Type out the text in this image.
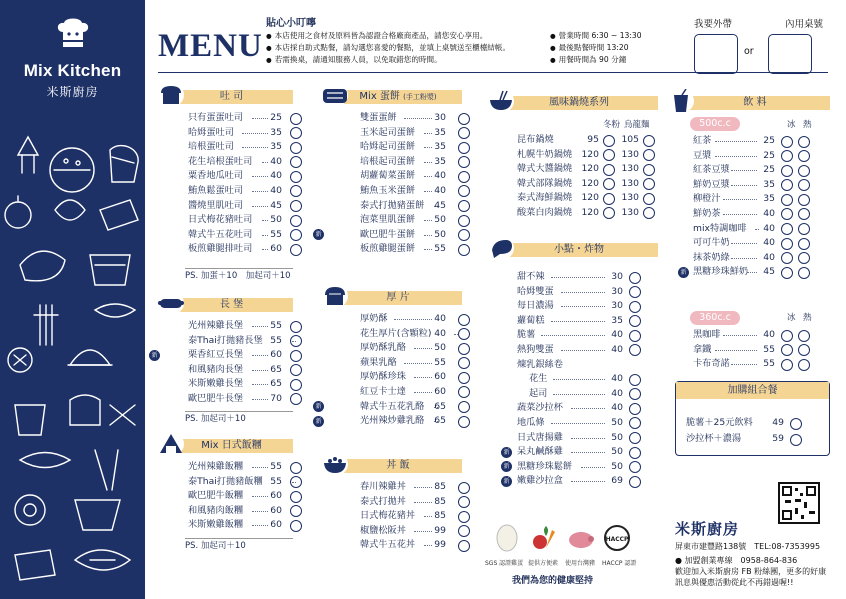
Mix Kitchen
米斯廚房
MENU
貼心小叮嚀
● 本店使用之食材及原料皆為認證合格廠商產品，請您安心享用。
● 本店採自助式點餐，請勾選您喜愛的餐點，並填上桌號送至櫃檯結帳。
● 若需換桌，請通知服務人員，以免取錯您的時間。
● 營業時間 6:30 ~ 13:30
● 最後點餐時間 13:20
● 用餐時間為 90 分鐘
我要外帶	內用桌號
or
吐 司
只有蛋蛋吐司	25
哈姆蛋吐司	35
培根蛋吐司	35
花生培根蛋吐司 40
粟香地瓜吐司	40
鮪魚鬆蛋吐司	40
醬燒里肌吐司	45
日式梅花豬吐司 50
韓式牛五花吐司 55
板煎雞腿排吐司 60
PS. 加蛋＋10　加起司＋10
長 堡
光州辣雞長堡	55
泰Thai打拋豬長堡 55
新	栗香紅豆長堡	60
和風豬肉長堡	65
米斯嫩雞長堡	65
歐巴肥牛長堡	70
PS. 加起司＋10
Mix 日式飯糰
光州辣雞飯糰	55
泰Thai打拋豬飯糰 55
歐巴肥牛飯糰	60
和風豬肉飯糰	60
米斯嫩雞飯糰	60
PS. 加起司＋10
Mix 蛋餅 (手工粉漿)
雙蛋蛋餅	30
玉米起司蛋餅 35
哈姆起司蛋餅 35
培根起司蛋餅 35
胡蘿蔔菜蛋餅 40
鮪魚玉米蛋餅 40
泰式打拋豬蛋餅 45
泡菜里肌蛋餅 50
新	歐巴肥牛蛋餅 50
板煎雞腿蛋餅 55
厚 片
厚奶酥	40
花生厚片(含顆粒) 40
厚奶酥乳酪	50
蘋果乳酪	55
厚奶酥珍珠	60
紅豆卡士達	60
新	韓式牛五花乳酪 65
新	光州辣炒雞乳酪 65
丼 飯
春川辣雞丼	85
泰式打拋丼	85
日式梅花豬丼 85
椒鹽松阪丼	99
韓式牛五花丼 99
風味鍋燒系列
冬粉 烏龍麵
昆布鍋燒	95	105
札幌牛奶鍋燒	120	130
韓式大醬鍋燒	120	130
韓式部隊鍋燒	120	130
泰式海鮮鍋燒	120	130
酸菜白肉鍋燒	120	130
小點・炸物
甜不辣	30
哈姆雙蛋	30
每日濃湯	30
蘿蔔糕	35
脆薯	40
熱狗雙蛋	40
煉乳銀絲卷
花生	40
起司	40
蔬菜沙拉杯	40
地瓜條	50
日式唐揚雞	50
新 呆丸鹹酥雞	50
新 黑糖珍珠鬆餅	50
新 嫩雞沙拉盒	69
飲 料
500c.c	冰 熱
紅茶	25
豆漿	25
紅茶豆漿	25
鮮奶豆漿	35
柳橙汁	35
鮮奶茶	40
mix特調咖啡 40
可可牛奶	40
抹茶奶綠	40
新 黑糖珍珠鮮奶 45
360c.c	冰 熱
黑咖啡	40
拿鐵	55
卡布奇諾	55
加購組合餐
脆薯＋25元飲料 49
沙拉杯＋濃湯	59
HACCP
SGS 認證雞蛋 提供方便素 使用台灣豬 HACCP 認證
我們為您的健康堅持
米斯廚房
屏東市建豐路138號　 TEL:08-7353995
● 加盟創業專線　0958-864-836
歡迎加入米斯廚房 FB 粉絲團，更多的好康
訊息與優惠活動從此不再錯過喔!!
